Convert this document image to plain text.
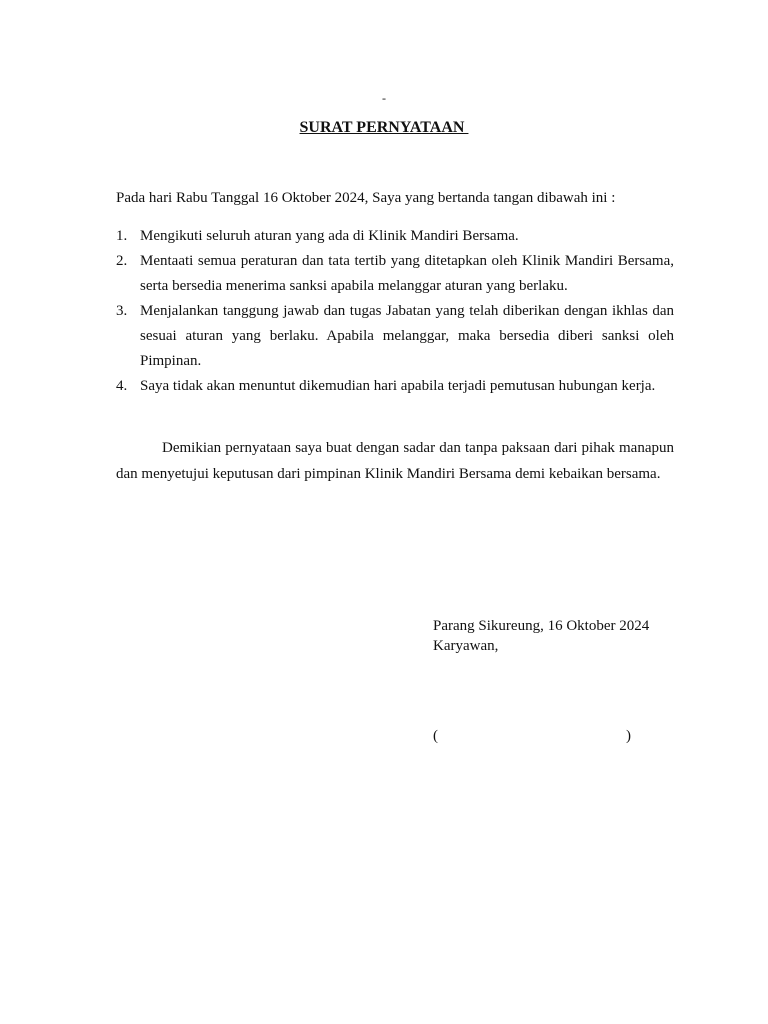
-
SURAT PERNYATAAN
Pada hari Rabu Tanggal 16 Oktober 2024, Saya yang bertanda tangan dibawah ini :
1. Mengikuti seluruh aturan yang ada di Klinik Mandiri Bersama.
2. Mentaati semua peraturan dan tata tertib yang ditetapkan oleh Klinik Mandiri Bersama, serta bersedia menerima sanksi apabila melanggar aturan yang berlaku.
3. Menjalankan tanggung jawab dan tugas Jabatan yang telah diberikan dengan ikhlas dan sesuai aturan yang berlaku. Apabila melanggar, maka bersedia diberi sanksi oleh Pimpinan.
4. Saya tidak akan menuntut dikemudian hari apabila terjadi pemutusan hubungan kerja.

Demikian pernyataan saya buat dengan sadar dan tanpa paksaan dari pihak manapun dan menyetujui keputusan dari pimpinan Klinik Mandiri Bersama demi kebaikan bersama.

Parang Sikureung, 16 Oktober 2024
Karyawan,
(	)
